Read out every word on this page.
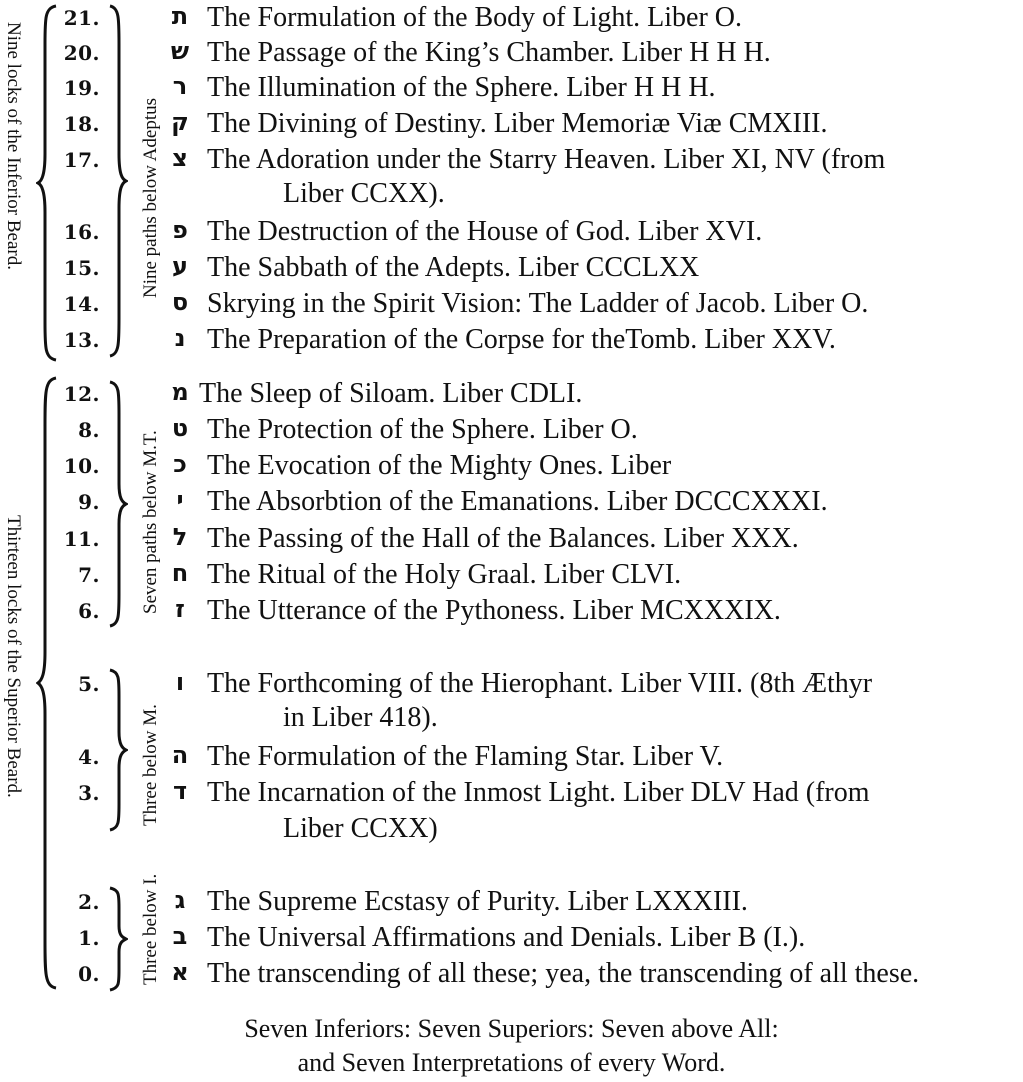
Nine locks of the Inferior Beard.
Thirteen locks of the Superior Beard.
Nine paths below Adeptus
Seven paths below M.T.
Three below M.
Three below I.
21.	ת The Formulation of the Body of Light. Liber O.
20.	ש The Passage of the King’s Chamber. Liber H H H.
19.	ר The Illumination of the Sphere. Liber H H H.
18.	ק The Divining of Destiny. Liber Memoriæ Viæ CMXIII.
17.	צ The Adoration under the Starry Heaven. Liber XI, NV (from
Liber CCXX).
16.	פ The Destruction of the House of God. Liber XVI.
15.	ע The Sabbath of the Adepts. Liber CCCLXX
14.	ס Skrying in the Spirit Vision: The Ladder of Jacob. Liber O.
13.	נ The Preparation of the Corpse for theTomb. Liber XXV.
12.	מ The Sleep of Siloam. Liber CDLI.
8.	ט The Protection of the Sphere. Liber O.
10.	כ The Evocation of the Mighty Ones. Liber
9.	י The Absorbtion of the Emanations. Liber DCCCXXXI.
11.	ל The Passing of the Hall of the Balances. Liber XXX.
7.	ח The Ritual of the Holy Graal. Liber CLVI.
6.	ז The Utterance of the Pythoness. Liber MCXXXIX.
5.	ו The Forthcoming of the Hierophant. Liber VIII. (8th Æthyr
in Liber 418).
4.	ה The Formulation of the Flaming Star. Liber V.
3.	ד The Incarnation of the Inmost Light. Liber DLV Had (from
Liber CCXX)
2.	ג The Supreme Ecstasy of Purity. Liber LXXXIII.
1.	ב The Universal Affirmations and Denials. Liber B (I.).
0.	א The transcending of all these; yea, the transcending of all these.
Seven Inferiors: Seven Superiors: Seven above All:
and Seven Interpretations of every Word.
